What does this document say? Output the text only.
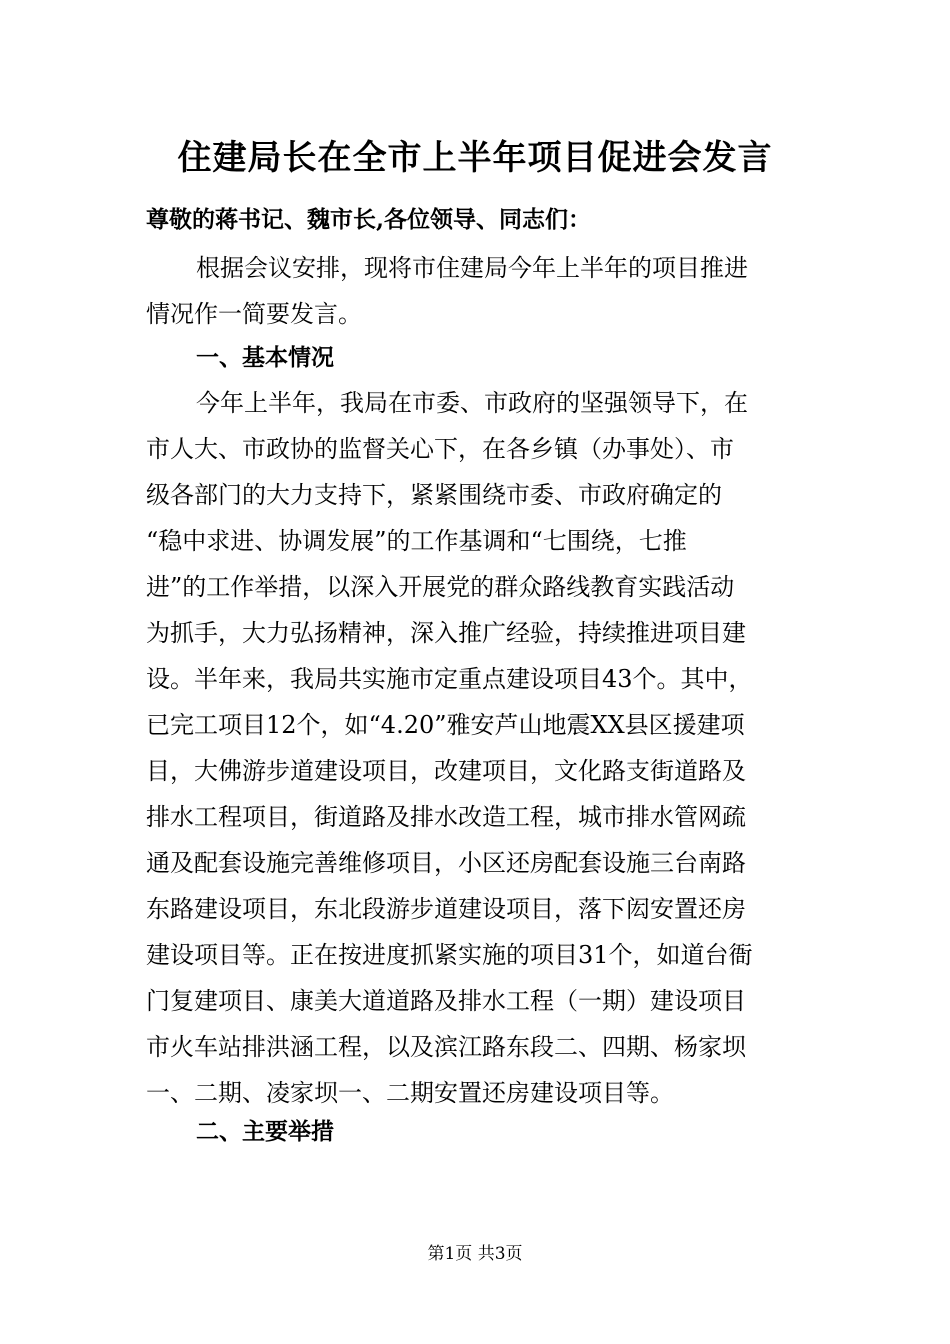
住建局长在全市上半年项目促进会发言
尊敬的蒋书记、魏市长,各位领导、同志们：
根据会议安排，现将市住建局今年上半年的项目推进
情况作一简要发言。
一、基本情况
今年上半年，我局在市委、市政府的坚强领导下，在
市人大、市政协的监督关心下，在各乡镇（办事处）、市
级各部门的大力支持下，紧紧围绕市委、市政府确定的
“稳中求进、协调发展”的工作基调和“七围绕，七推
进”的工作举措，以深入开展党的群众路线教育实践活动
为抓手，大力弘扬精神，深入推广经验，持续推进项目建
设。半年来，我局共实施市定重点建设项目43个。其中，
已完工项目12个，如“4.20”雅安芦山地震XX县区援建项
目，大佛游步道建设项目，改建项目，文化路支街道路及
排水工程项目，街道路及排水改造工程，城市排水管网疏
通及配套设施完善维修项目，小区还房配套设施三台南路
东路建设项目，东北段游步道建设项目，落下闳安置还房
建设项目等。正在按进度抓紧实施的项目31个，如道台衙
门复建项目、康美大道道路及排水工程（一期）建设项目
市火车站排洪涵工程，以及滨江路东段二、四期、杨家坝
一、二期、凌家坝一、二期安置还房建设项目等。
二、主要举措
第1页 共3页
